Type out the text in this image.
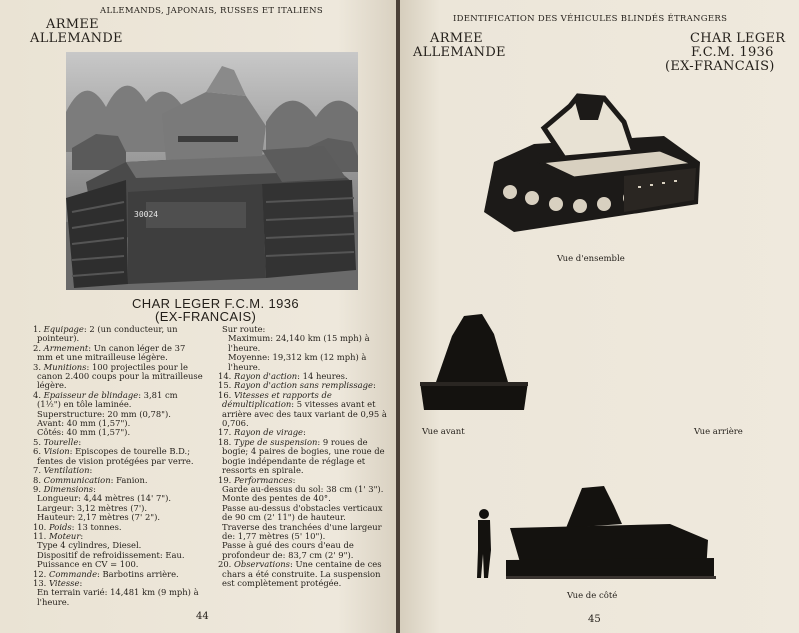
ALLEMANDS, JAPONAIS, RUSSES ET ITALIENS
ARMEE
ALLEMANDE
30024
CHAR LEGER F.C.M. 1936
(EX-FRANCAIS)

1. Equipage: 2 (un conducteur, un pointeur).

2. Armement: Un canon léger de 37 mm et une mitrailleuse légère.

3. Munitions: 100 projectiles pour le canon 2.400 coups pour la mitrailleuse légère.

4. Epaisseur de blindage: 3,81 cm (1½") en tôle laminée.

Superstructure: 20 mm (0,78").

Avant: 40 mm (1,57").

Côtés: 40 mm (1,57").

5. Tourelle:

6. Vision: Episcopes de tourelle B.D.; fentes de vision protégées par verre.

7. Ventilation:

8. Communication: Fanion.

9. Dimensions:

Longueur: 4,44 mètres (14' 7").

Largeur: 3,12 mètres (7').

Hauteur: 2,17 mètres (7' 2").

10. Poids: 13 tonnes.

11. Moteur:

Type 4 cylindres, Diesel.

Dispositif de refroidissement: Eau.

Puissance en CV = 100.

12. Commande: Barbotins arrière.

13. Vitesse:

En terrain varié: 14,481 km (9 mph) à l'heure.

Sur route:

Maximum: 24,140 km (15 mph) à l'heure.

Moyenne: 19,312 km (12 mph) à l'heure.

14. Rayon d'action: 14 heures.

15. Rayon d'action sans remplissage:

16. Vitesses et rapports de démultiplication: 5 vitesses avant et arrière avec des taux variant de 0,95 à 0,706.

17. Rayon de virage:

18. Type de suspension: 9 roues de bogie; 4 paires de bogies, une roue de bogie indépendante de réglage et ressorts en spirale.

19. Performances:

Garde au-dessus du sol: 38 cm (1' 3").

Monte des pentes de 40°.

Passe au-dessus d'obstacles verticaux de 90 cm (2' 11") de hauteur.

Traverse des tranchées d'une largeur de: 1,77 mètres (5' 10").

Passe à gué des cours d'eau de profondeur de: 83,7 cm (2' 9").

20. Observations: Une centaine de ces chars a été construite. La suspension est complètement protégée.

44
IDENTIFICATION DES VÉHICULES BLINDÉS ÉTRANGERS
ARMEE
ALLEMANDE
CHAR LEGER
F.C.M. 1936
(EX-FRANCAIS)
Vue d'ensemble
Vue avant	Vue arrière
Vue de côté
45
